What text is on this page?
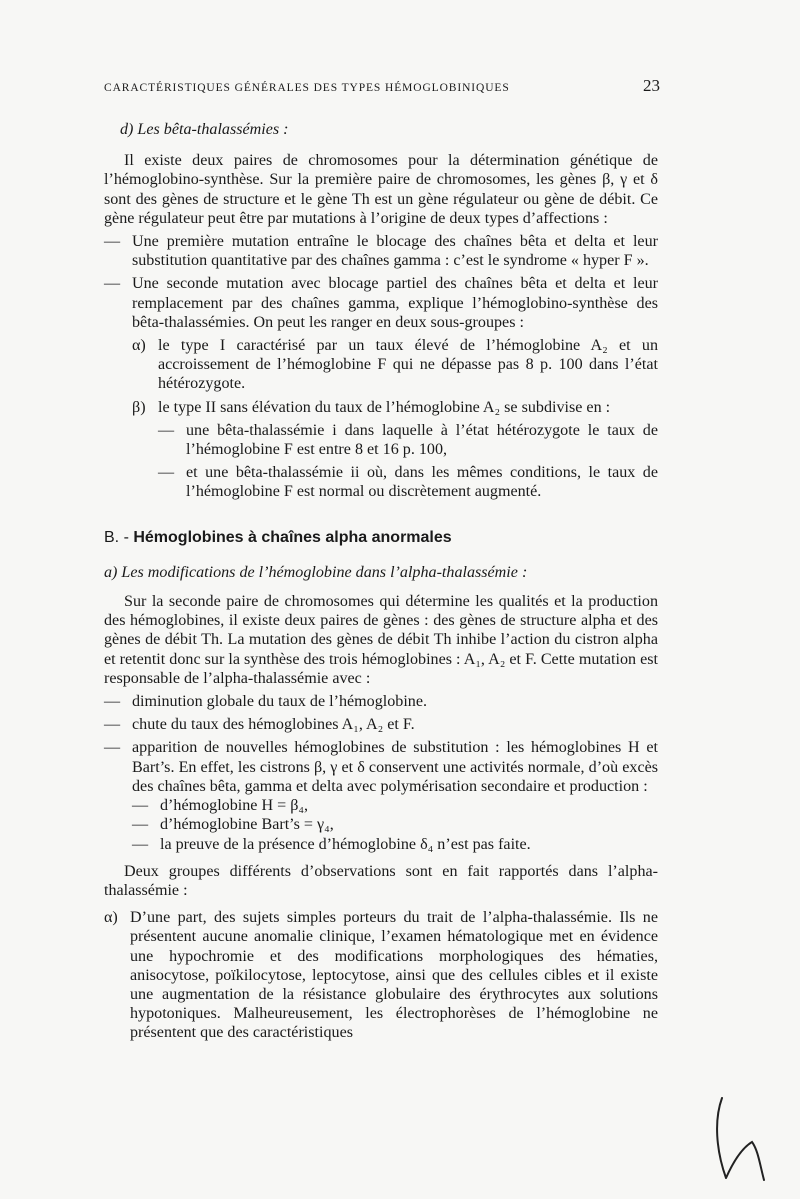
CARACTÉRISTIQUES GÉNÉRALES DES TYPES HÉMOGLOBINIQUES	23

d) Les bêta-thalassémies :

Il existe deux paires de chromosomes pour la détermination génétique de l’hémoglobino-synthèse. Sur la première paire de chromosomes, les gènes β, γ et δ sont des gènes de structure et le gène Th est un gène régulateur ou gène de débit. Ce gène régulateur peut être par mutations à l’origine de deux types d’affections :

— Une première mutation entraîne le blocage des chaînes bêta et delta et leur substitution quantitative par des chaînes gamma : c’est le syndrome « hyper F ».
— Une seconde mutation avec blocage partiel des chaînes bêta et delta et leur remplacement par des chaînes gamma, explique l’hémoglobino-synthèse des bêta-thalassémies. On peut les ranger en deux sous-groupes :
α) le type I caractérisé par un taux élevé de l’hémoglobine A₂ et un accroissement de l’hémoglobine F qui ne dépasse pas 8 p. 100 dans l’état hétérozygote.
β) le type II sans élévation du taux de l’hémoglobine A₂ se subdivise en :
— une bêta-thalassémie i dans laquelle à l’état hétérozygote le taux de l’hémoglobine F est entre 8 et 16 p. 100,
— et une bêta-thalassémie ii où, dans les mêmes conditions, le taux de l’hémoglobine F est normal ou discrètement augmenté.

B. - Hémoglobines à chaînes alpha anormales

a) Les modifications de l’hémoglobine dans l’alpha-thalassémie :

Sur la seconde paire de chromosomes qui détermine les qualités et la production des hémoglobines, il existe deux paires de gènes : des gènes de structure alpha et des gènes de débit Th. La mutation des gènes de débit Th inhibe l’action du cistron alpha et retentit donc sur la synthèse des trois hémoglobines : A₁, A₂ et F. Cette mutation est responsable de l’alpha-thalassémie avec :

— diminution globale du taux de l’hémoglobine.
— chute du taux des hémoglobines A₁, A₂ et F.
— apparition de nouvelles hémoglobines de substitution : les hémoglobines H et Bart’s. En effet, les cistrons β, γ et δ conservent une activités normale, d’où excès des chaînes bêta, gamma et delta avec polymérisation secondaire et production :
— d’hémoglobine H = β₄,
— d’hémoglobine Bart’s = γ₄,
— la preuve de la présence d’hémoglobine δ₄ n’est pas faite.

Deux groupes différents d’observations sont en fait rapportés dans l’alpha-thalassémie :

α) D’une part, des sujets simples porteurs du trait de l’alpha-thalassémie. Ils ne présentent aucune anomalie clinique, l’examen hématologique met en évidence une hypochromie et des modifications morphologiques des hématies, anisocytose, poïkilocytose, leptocytose, ainsi que des cellules cibles et il existe une augmentation de la résistance globulaire des érythrocytes aux solutions hypotoniques. Malheureusement, les électrophorèses de l’hémoglobine ne présentent que des caractéristiques
